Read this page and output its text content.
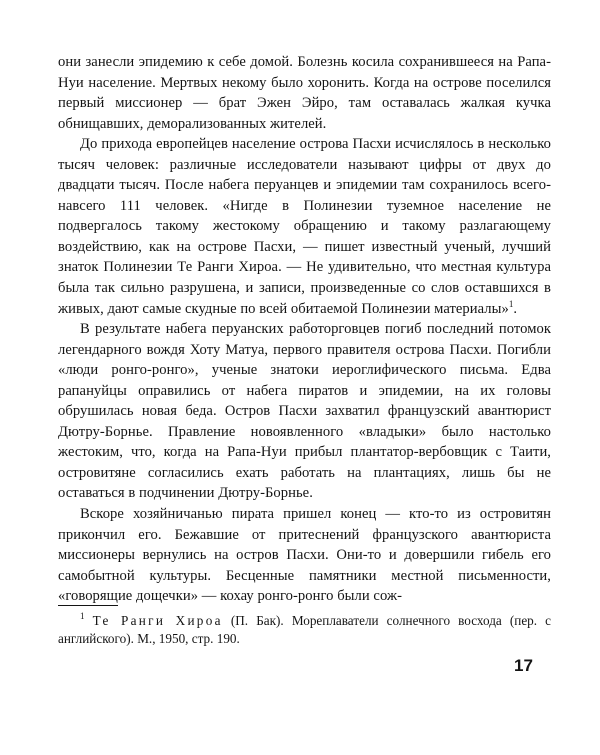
они занесли эпидемию к себе домой. Болезнь косила сохранившееся на Рапа-Нуи население. Мертвых некому было хоронить. Когда на острове поселился первый миссионер — брат Эжен Эйро, там оставалась жалкая кучка обнищавших, деморализованных жителей.

До прихода европейцев население острова Пасхи исчислялось в несколько тысяч человек: различные исследователи называют цифры от двух до двадцати тысяч. После набега перуанцев и эпидемии там сохранилось всего-навсего 111 человек. «Нигде в Полинезии туземное население не подвергалось такому жестокому обращению и такому разлагающему воздействию, как на острове Пасхи, — пишет известный ученый, лучший знаток Полинезии Те Ранги Хироа. — Не удивительно, что местная культура была так сильно разрушена, и записи, произведенные со слов оставшихся в живых, дают самые скудные по всей обитаемой Полинезии материалы»$^1$.

В результате набега перуанских работорговцев погиб последний потомок легендарного вождя Хоту Матуа, первого правителя острова Пасхи. Погибли «люди ронго-ронго», ученые знатоки иероглифического письма. Едва рапануйцы оправились от набега пиратов и эпидемии, на их головы обрушилась новая беда. Остров Пасхи захватил французский авантюрист Дютру-Борнье. Правление новоявленного «владыки» было настолько жестоким, что, когда на Рапа-Нуи прибыл плантатор-вербовщик с Таити, островитяне согласились ехать работать на плантациях, лишь бы не оставаться в подчинении Дютру-Борнье.

Вскоре хозяйничанью пирата пришел конец — кто-то из островитян прикончил его. Бежавшие от притеснений французского авантюриста миссионеры вернулись на остров Пасхи. Они-то и довершили гибель его самобытной культуры. Бесценные памятники местной письменности, «говорящие дощечки» — кохау ронго-ронго были сож-

$^1$ Те Ранги Хироа (П. Бак). Мореплаватели солнечного восхода (пер. с английского). М., 1950, стр. 190.

17
